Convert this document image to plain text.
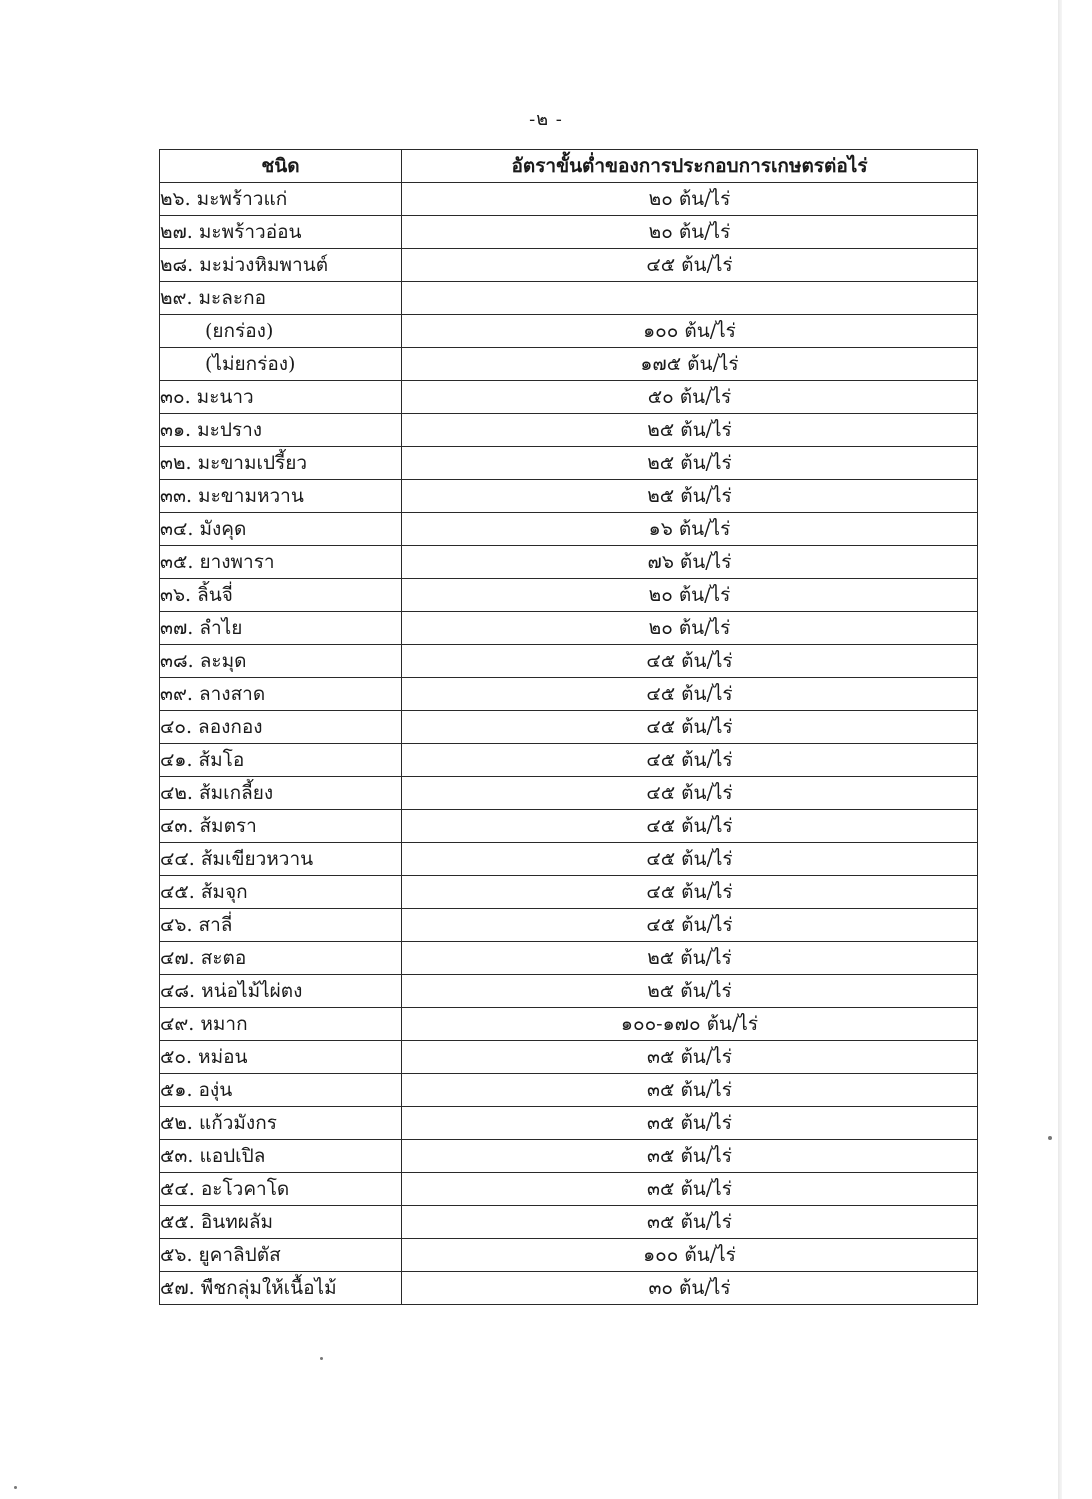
-๒ -
ชนิด	อัตราขั้นต่ำของการประกอบการเกษตรต่อไร่
๒๖. มะพร้าวแก่	๒๐ ต้น/ไร่
๒๗. มะพร้าวอ่อน	๒๐ ต้น/ไร่
๒๘. มะม่วงหิมพานต์	๔๕ ต้น/ไร่
๒๙. มะละกอ	
(ยกร่อง)	๑๐๐ ต้น/ไร่
(ไม่ยกร่อง)	๑๗๕ ต้น/ไร่
๓๐. มะนาว	๕๐ ต้น/ไร่
๓๑. มะปราง	๒๕ ต้น/ไร่
๓๒. มะขามเปรี้ยว	๒๕ ต้น/ไร่
๓๓. มะขามหวาน	๒๕ ต้น/ไร่
๓๔. มังคุด	๑๖ ต้น/ไร่
๓๕. ยางพารา	๗๖ ต้น/ไร่
๓๖. ลิ้นจี่	๒๐ ต้น/ไร่
๓๗. ลำไย	๒๐ ต้น/ไร่
๓๘. ละมุด	๔๕ ต้น/ไร่
๓๙. ลางสาด	๔๕ ต้น/ไร่
๔๐. ลองกอง	๔๕ ต้น/ไร่
๔๑. ส้มโอ	๔๕ ต้น/ไร่
๔๒. ส้มเกลี้ยง	๔๕ ต้น/ไร่
๔๓. ส้มตรา	๔๕ ต้น/ไร่
๔๔. ส้มเขียวหวาน	๔๕ ต้น/ไร่
๔๕. ส้มจุก	๔๕ ต้น/ไร่
๔๖. สาลี่	๔๕ ต้น/ไร่
๔๗. สะตอ	๒๕ ต้น/ไร่
๔๘. หน่อไม้ไผ่ตง	๒๕ ต้น/ไร่
๔๙. หมาก	๑๐๐-๑๗๐ ต้น/ไร่
๕๐. หม่อน	๓๕ ต้น/ไร่
๕๑. องุ่น	๓๕ ต้น/ไร่
๕๒. แก้วมังกร	๓๕ ต้น/ไร่
๕๓. แอปเปิล	๓๕ ต้น/ไร่
๕๔. อะโวคาโด	๓๕ ต้น/ไร่
๕๕. อินทผลัม	๓๕ ต้น/ไร่
๕๖. ยูคาลิปตัส	๑๐๐ ต้น/ไร่
๕๗. พืชกลุ่มให้เนื้อไม้	๓๐ ต้น/ไร่
